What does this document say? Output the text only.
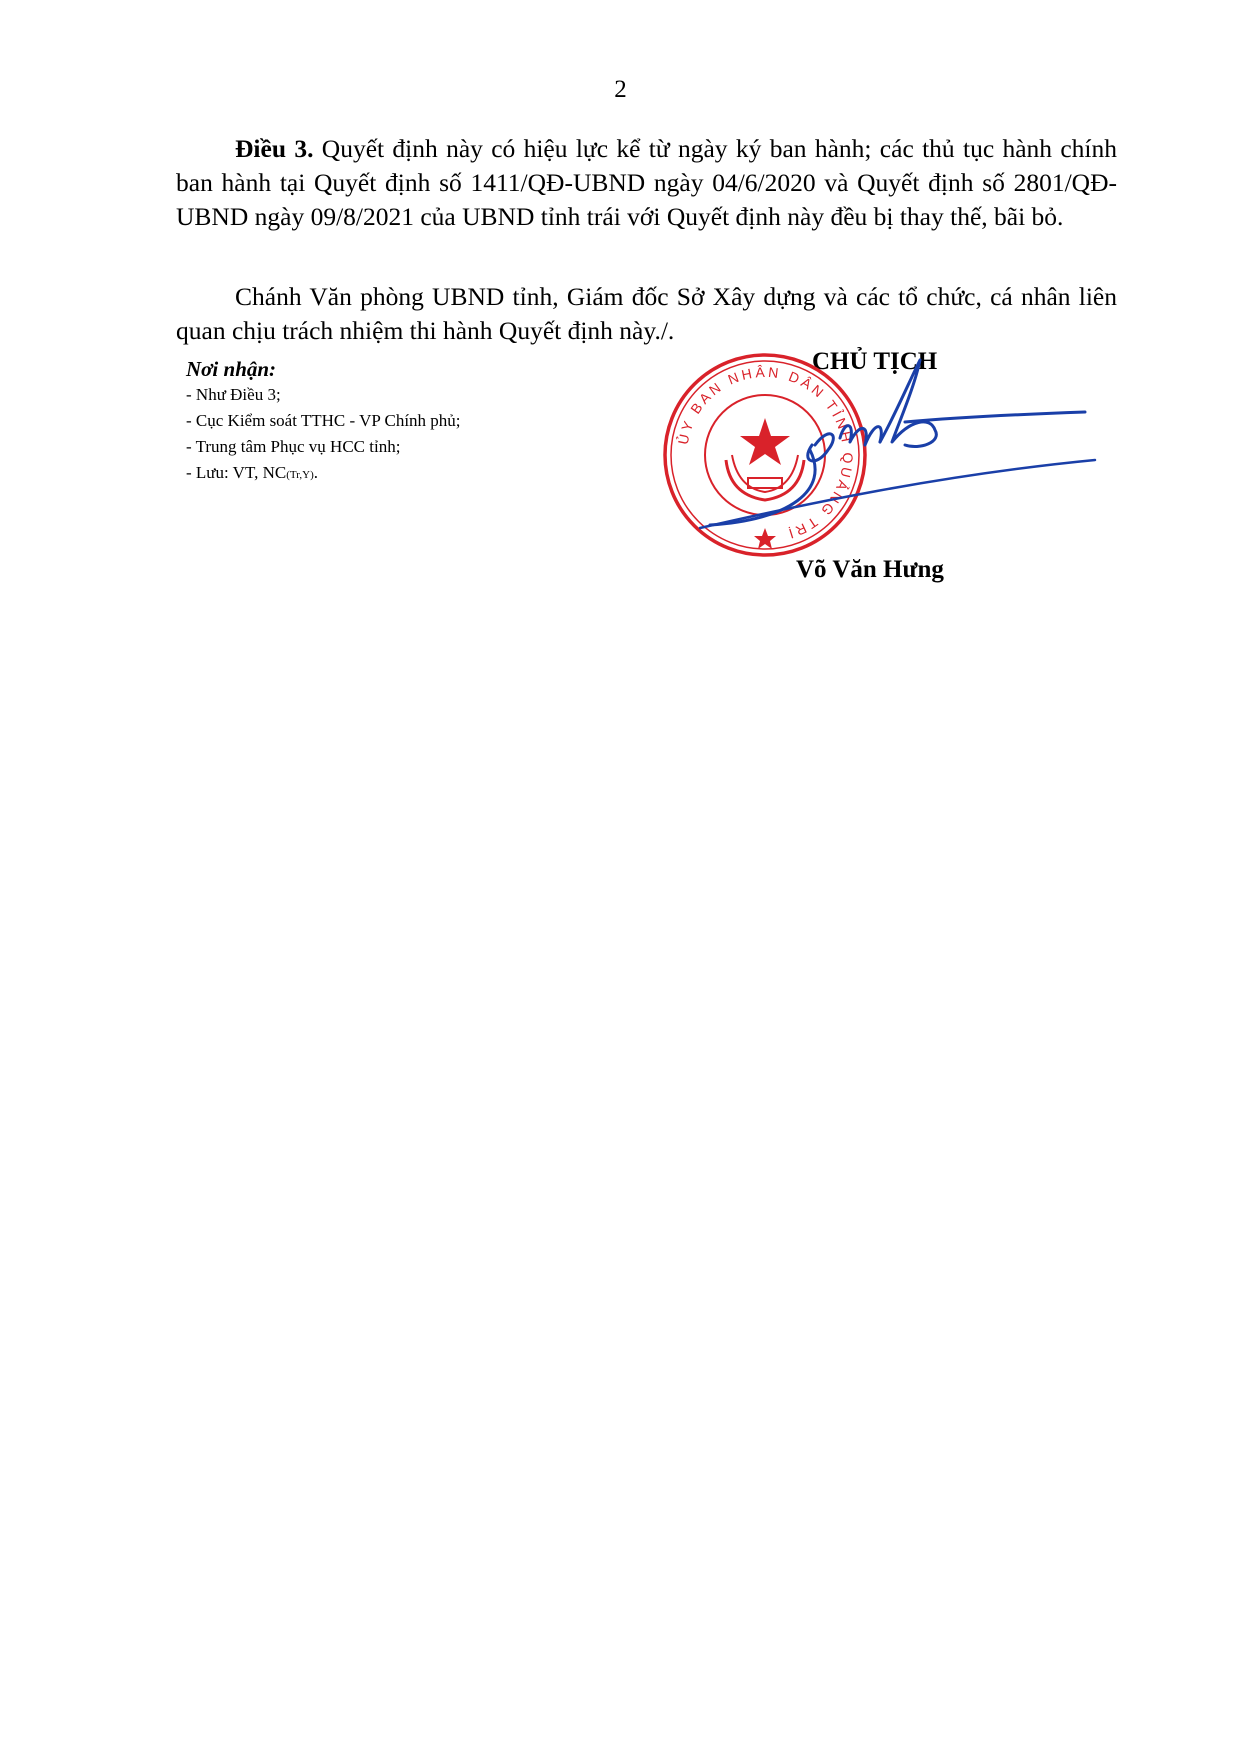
2

Điều 3. Quyết định này có hiệu lực kể từ ngày ký ban hành; các thủ tục hành chính ban hành tại Quyết định số 1411/QĐ-UBND ngày 04/6/2020 và Quyết định số 2801/QĐ-UBND ngày 09/8/2021 của UBND tỉnh trái với Quyết định này đều bị thay thế, bãi bỏ.

Chánh Văn phòng UBND tỉnh, Giám đốc Sở Xây dựng và các tổ chức, cá nhân liên quan chịu trách nhiệm thi hành Quyết định này./.

Nơi nhận:
- Như Điều 3;
- Cục Kiểm soát TTHC - VP Chính phủ;
- Trung tâm Phục vụ HCC tỉnh;
- Lưu: VT, NC(Tr,Y).
CHỦ TỊCH
ỦY BAN NHÂN DÂN TỈNH QUẢNG TRỊ
Võ Văn Hưng
